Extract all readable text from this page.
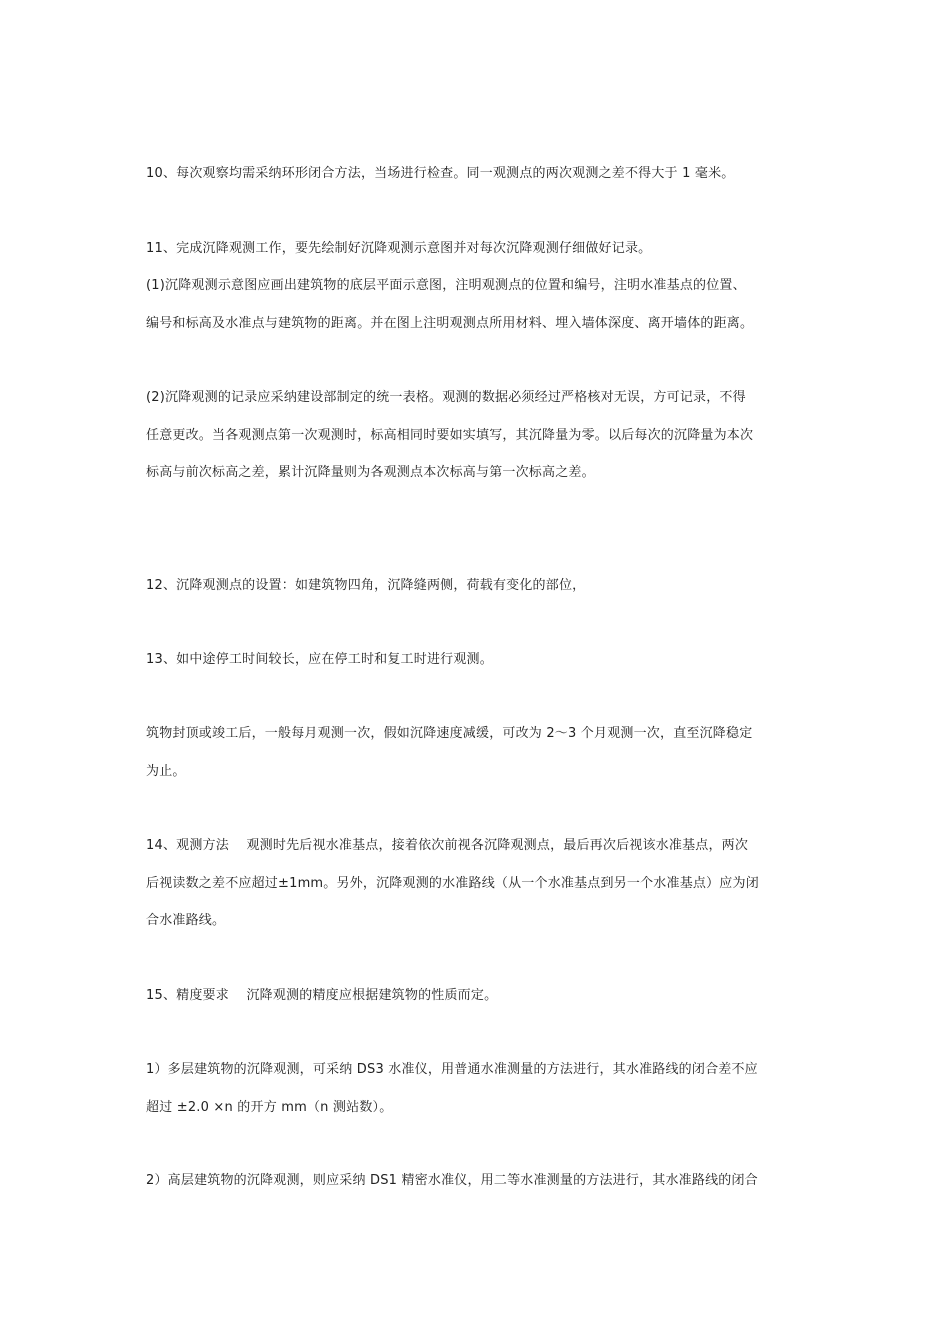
10、每次观察均需采纳环形闭合方法，当场进行检查。同一观测点的两次观测之差不得大于 1 毫米。
11、完成沉降观测工作，要先绘制好沉降观测示意图并对每次沉降观测仔细做好记录。
(1)沉降观测示意图应画出建筑物的底层平面示意图，注明观测点的位置和编号，注明水准基点的位置、
编号和标高及水准点与建筑物的距离。并在图上注明观测点所用材料、埋入墙体深度、离开墙体的距离。
(2)沉降观测的记录应采纳建设部制定的统一表格。观测的数据必须经过严格核对无误，方可记录，不得
任意更改。当各观测点第一次观测时，标高相同时要如实填写，其沉降量为零。以后每次的沉降量为本次
标高与前次标高之差，累计沉降量则为各观测点本次标高与第一次标高之差。
12、沉降观测点的设置：如建筑物四角，沉降缝两侧，荷载有变化的部位，
13、如中途停工时间较长，应在停工时和复工时进行观测。
筑物封顶或竣工后，一般每月观测一次，假如沉降速度减缓，可改为 2～3 个月观测一次，直至沉降稳定
为止。
14、观测方法　 观测时先后视水准基点，接着依次前视各沉降观测点，最后再次后视该水准基点，两次
后视读数之差不应超过±1mm。另外，沉降观测的水准路线（从一个水准基点到另一个水准基点）应为闭
合水准路线。
15、精度要求　 沉降观测的精度应根据建筑物的性质而定。
1）多层建筑物的沉降观测，可采纳 DS3 水准仪，用普通水准测量的方法进行，其水准路线的闭合差不应
超过 ±2.0 ×n 的开方 mm（n 测站数）。
2）高层建筑物的沉降观测，则应采纳 DS1 精密水准仪，用二等水准测量的方法进行，其水准路线的闭合
